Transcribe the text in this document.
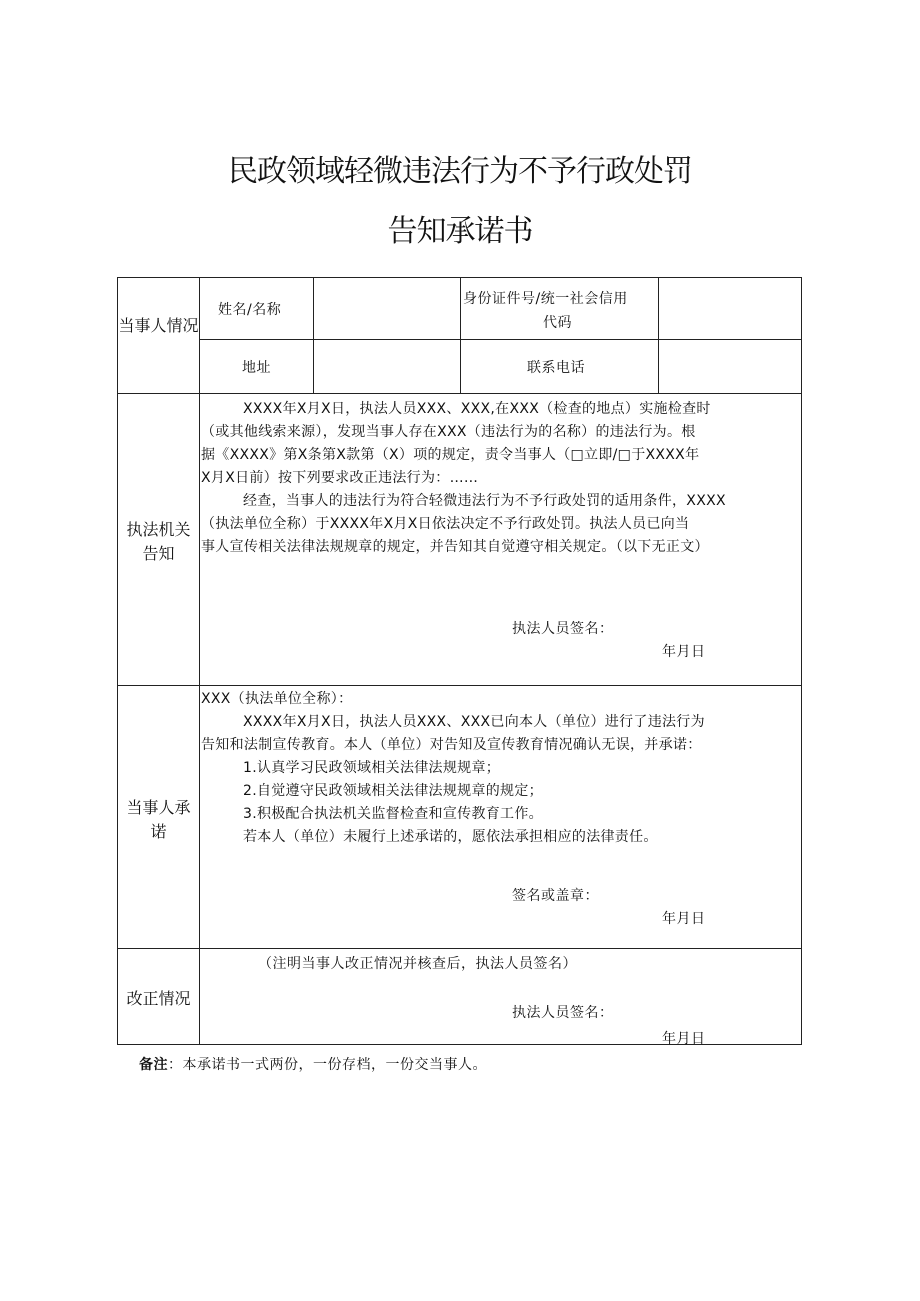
民政领域轻微违法行为不予行政处罚
告知承诺书
当事人情况
姓名/名称
身份证件号/统一社会信用
代码
地址	联系电话
执法机关
告知

XXXX年X月X日，执法人员XXX、XXX,在XXX（检查的地点）实施检查时

（或其他线索来源），发现当事人存在XXX（违法行为的名称）的违法行为。根

据《XXXX》第X条第X款第（X）项的规定，责令当事人（□立即/□于XXXX年

X月X日前）按下列要求改正违法行为：……

经查，当事人的违法行为符合轻微违法行为不予行政处罚的适用条件，XXXX

（执法单位全称）于XXXX年X月X日依法决定不予行政处罚。执法人员已向当

事人宣传相关法律法规规章的规定，并告知其自觉遵守相关规定。（以下无正文）

执法人员签名：
年月日
当事人承
诺

XXX（执法单位全称）：

XXXX年X月X日，执法人员XXX、XXX已向本人（单位）进行了违法行为

告知和法制宣传教育。本人（单位）对告知及宣传教育情况确认无误，并承诺：

1.认真学习民政领域相关法律法规规章；

2.自觉遵守民政领域相关法律法规规章的规定；

3.积极配合执法机关监督检查和宣传教育工作。

若本人（单位）未履行上述承诺的，愿依法承担相应的法律责任。

签名或盖章：
年月日
改正情况
（注明当事人改正情况并核查后，执法人员签名）
执法人员签名：
年月日
备注：本承诺书一式两份，一份存档，一份交当事人。
